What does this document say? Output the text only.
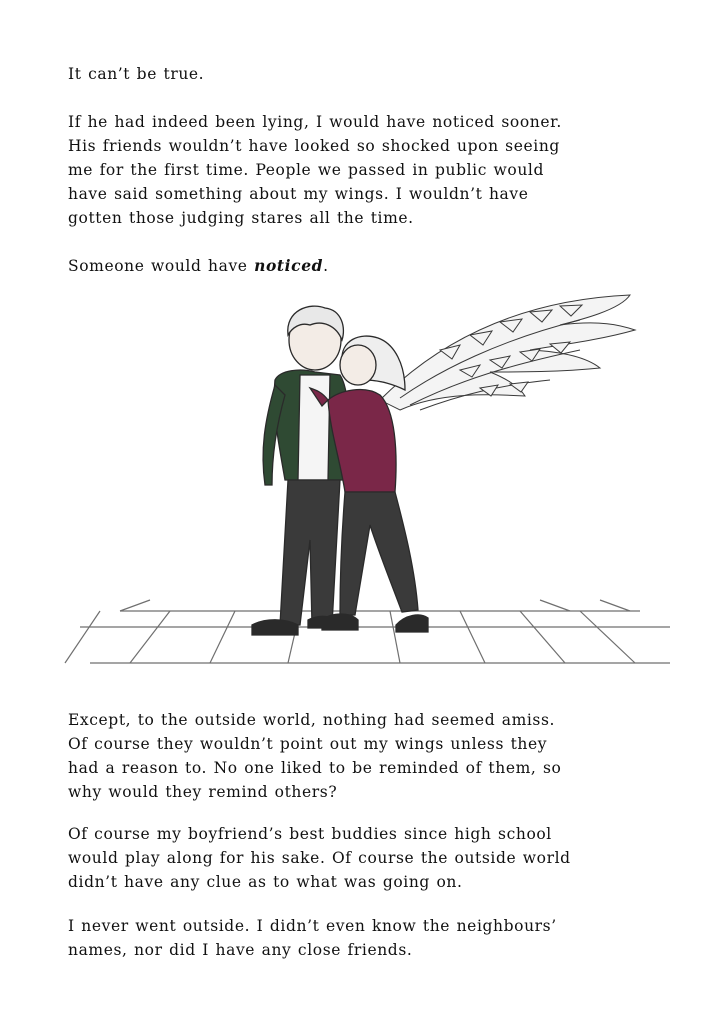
It can’t be true.

If he had indeed been lying, I would have noticed sooner.
His friends wouldn’t have looked so shocked upon seeing
me for the first time. People we passed in public would
have said something about my wings. I wouldn’t have
gotten those judging stares all the time.

Someone would have noticed.

Except, to the outside world, nothing had seemed amiss.
Of course they wouldn’t point out my wings unless they
had a reason to. No one liked to be reminded of them, so
why would they remind others?

Of course my boyfriend’s best buddies since high school
would play along for his sake. Of course the outside world
didn’t have any clue as to what was going on.

I never went outside. I didn’t even know the neighbours’
names, nor did I have any close friends.
